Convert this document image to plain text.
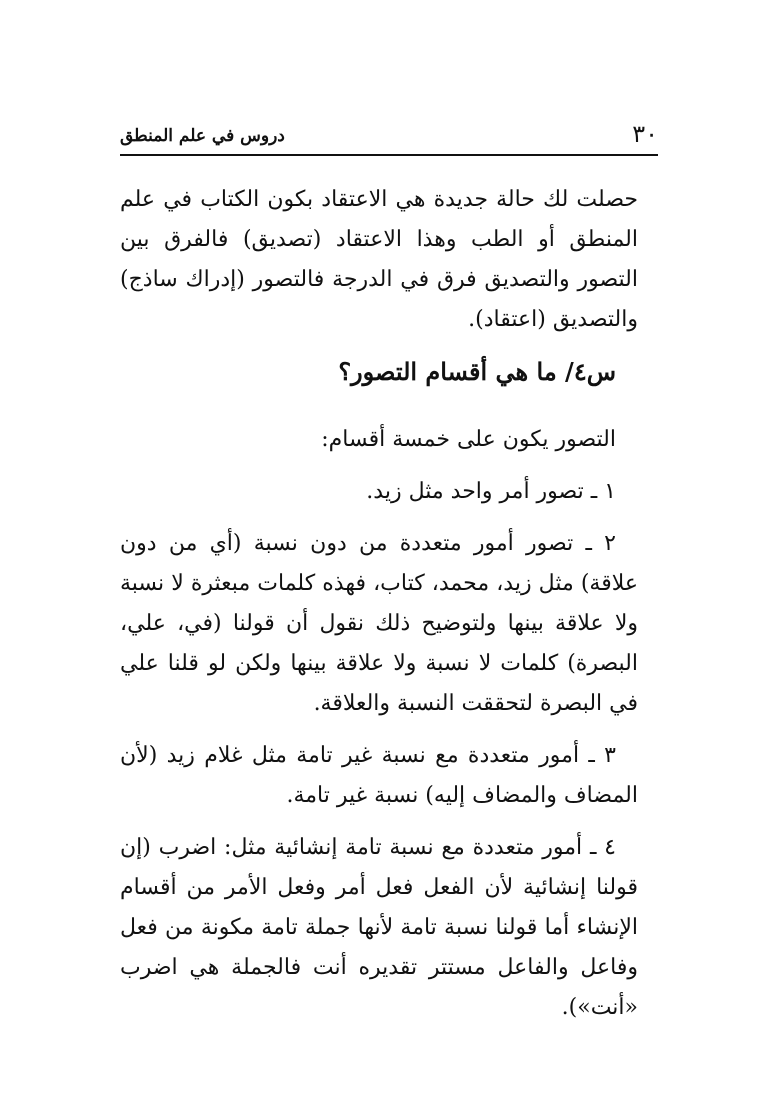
٣٠
دروس في علم المنطق

حصلت لك حالة جديدة هي الاعتقاد بكون الكتاب في علم المنطق أو الطب وهذا الاعتقاد (تصديق) فالفرق بين التصور والتصديق فرق في الدرجة فالتصور (إدراك ساذج) والتصديق (اعتقاد).

س٤/ ما هي أقسام التصور؟

التصور يكون على خمسة أقسام:

١ ـ تصور أمر واحد مثل زيد.

٢ ـ تصور أمور متعددة من دون نسبة (أي من دون علاقة) مثل زيد، محمد، كتاب، فهذه كلمات مبعثرة لا نسبة ولا علاقة بينها ولتوضيح ذلك نقول أن قولنا (في، علي، البصرة) كلمات لا نسبة ولا علاقة بينها ولكن لو قلنا علي في البصرة لتحققت النسبة والعلاقة.

٣ ـ أمور متعددة مع نسبة غير تامة مثل غلام زيد (لأن المضاف والمضاف إليه) نسبة غير تامة.

٤ ـ أمور متعددة مع نسبة تامة إنشائية مثل: اضرب (إن قولنا إنشائية لأن الفعل فعل أمر وفعل الأمر من أقسام الإنشاء أما قولنا نسبة تامة لأنها جملة تامة مكونة من فعل وفاعل والفاعل مستتر تقديره أنت فالجملة هي اضرب «أنت»).
